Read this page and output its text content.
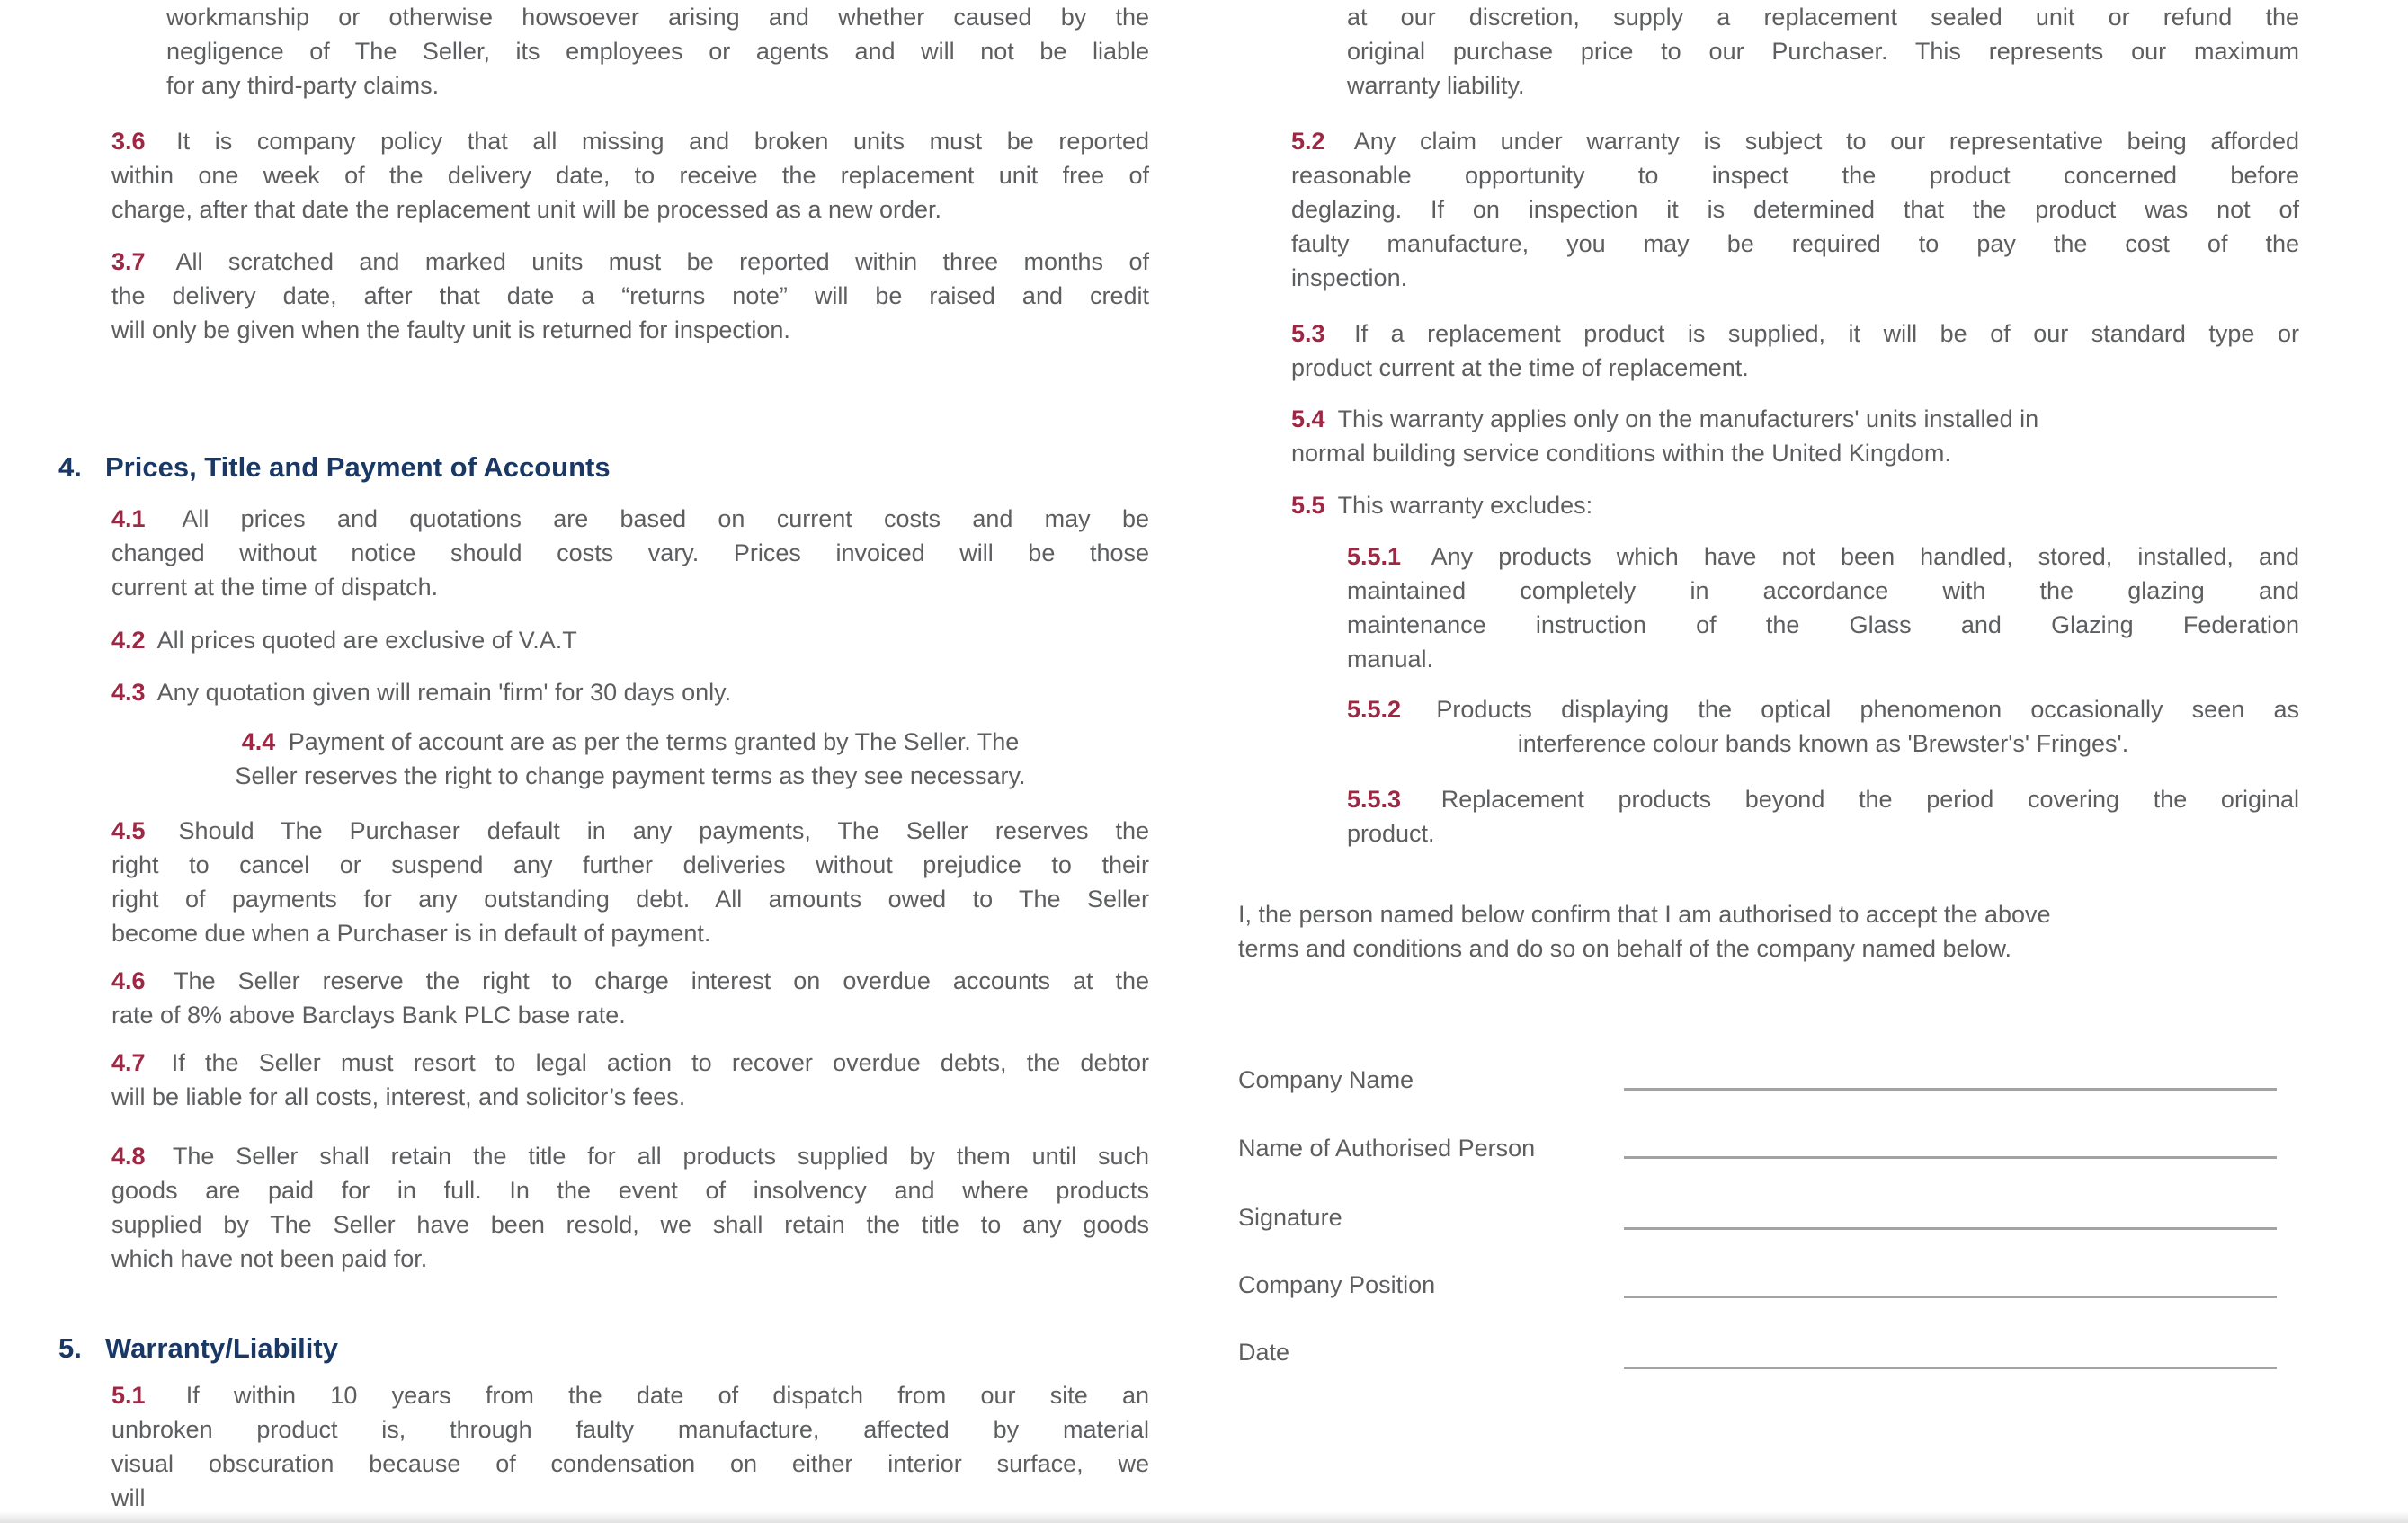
workmanship or otherwise howsoever arising and whether caused by the
negligence of The Seller, its employees or agents and will not be liable
for any third-party claims.
3.6 It is company policy that all missing and broken units must be reported
within one week of the delivery date, to receive the replacement unit free of
charge, after that date the replacement unit will be processed as a new order.
3.7 All scratched and marked units must be reported within three months of
the delivery date, after that date a “returns note” will be raised and credit
will only be given when the faulty unit is returned for inspection.
4. Prices, Title and Payment of Accounts
4.1 All prices and quotations are based on current costs and may be
changed without notice should costs vary. Prices invoiced will be those
current at the time of dispatch.
4.2 All prices quoted are exclusive of V.A.T
4.3 Any quotation given will remain 'firm' for 30 days only.
4.4 Payment of account are as per the terms granted by The Seller. The
Seller reserves the right to change payment terms as they see necessary.
4.5 Should The Purchaser default in any payments, The Seller reserves the
right to cancel or suspend any further deliveries without prejudice to their
right of payments for any outstanding debt. All amounts owed to The Seller
become due when a Purchaser is in default of payment.
4.6 The Seller reserve the right to charge interest on overdue accounts at the
rate of 8% above Barclays Bank PLC base rate.
4.7 If the Seller must resort to legal action to recover overdue debts, the debtor
will be liable for all costs, interest, and solicitor’s fees.
4.8 The Seller shall retain the title for all products supplied by them until such
goods are paid for in full. In the event of insolvency and where products
supplied by The Seller have been resold, we shall retain the title to any goods
which have not been paid for.
5. Warranty/Liability
5.1 If within 10 years from the date of dispatch from our site an
unbroken product is, through faulty manufacture, affected by material
visual obscuration because of condensation on either interior surface, we
will
at our discretion, supply a replacement sealed unit or refund the
original purchase price to our Purchaser. This represents our maximum
warranty liability.
5.2 Any claim under warranty is subject to our representative being afforded
reasonable opportunity to inspect the product concerned before
deglazing. If on inspection it is determined that the product was not of
faulty manufacture, you may be required to pay the cost of the
inspection.
5.3 If a replacement product is supplied, it will be of our standard type or
product current at the time of replacement.
5.4 This warranty applies only on the manufacturers' units installed in
normal building service conditions within the United Kingdom.
5.5 This warranty excludes:
5.5.1 Any products which have not been handled, stored, installed, and
maintained completely in accordance with the glazing and
maintenance instruction of the Glass and Glazing Federation
manual.
5.5.2 Products displaying the optical phenomenon occasionally seen as
interference colour bands known as 'Brewster's' Fringes'.
5.5.3 Replacement products beyond the period covering the original
product.
I, the person named below confirm that I am authorised to accept the above
terms and conditions and do so on behalf of the company named below.
Company Name
Name of Authorised Person
Signature
Company Position
Date
